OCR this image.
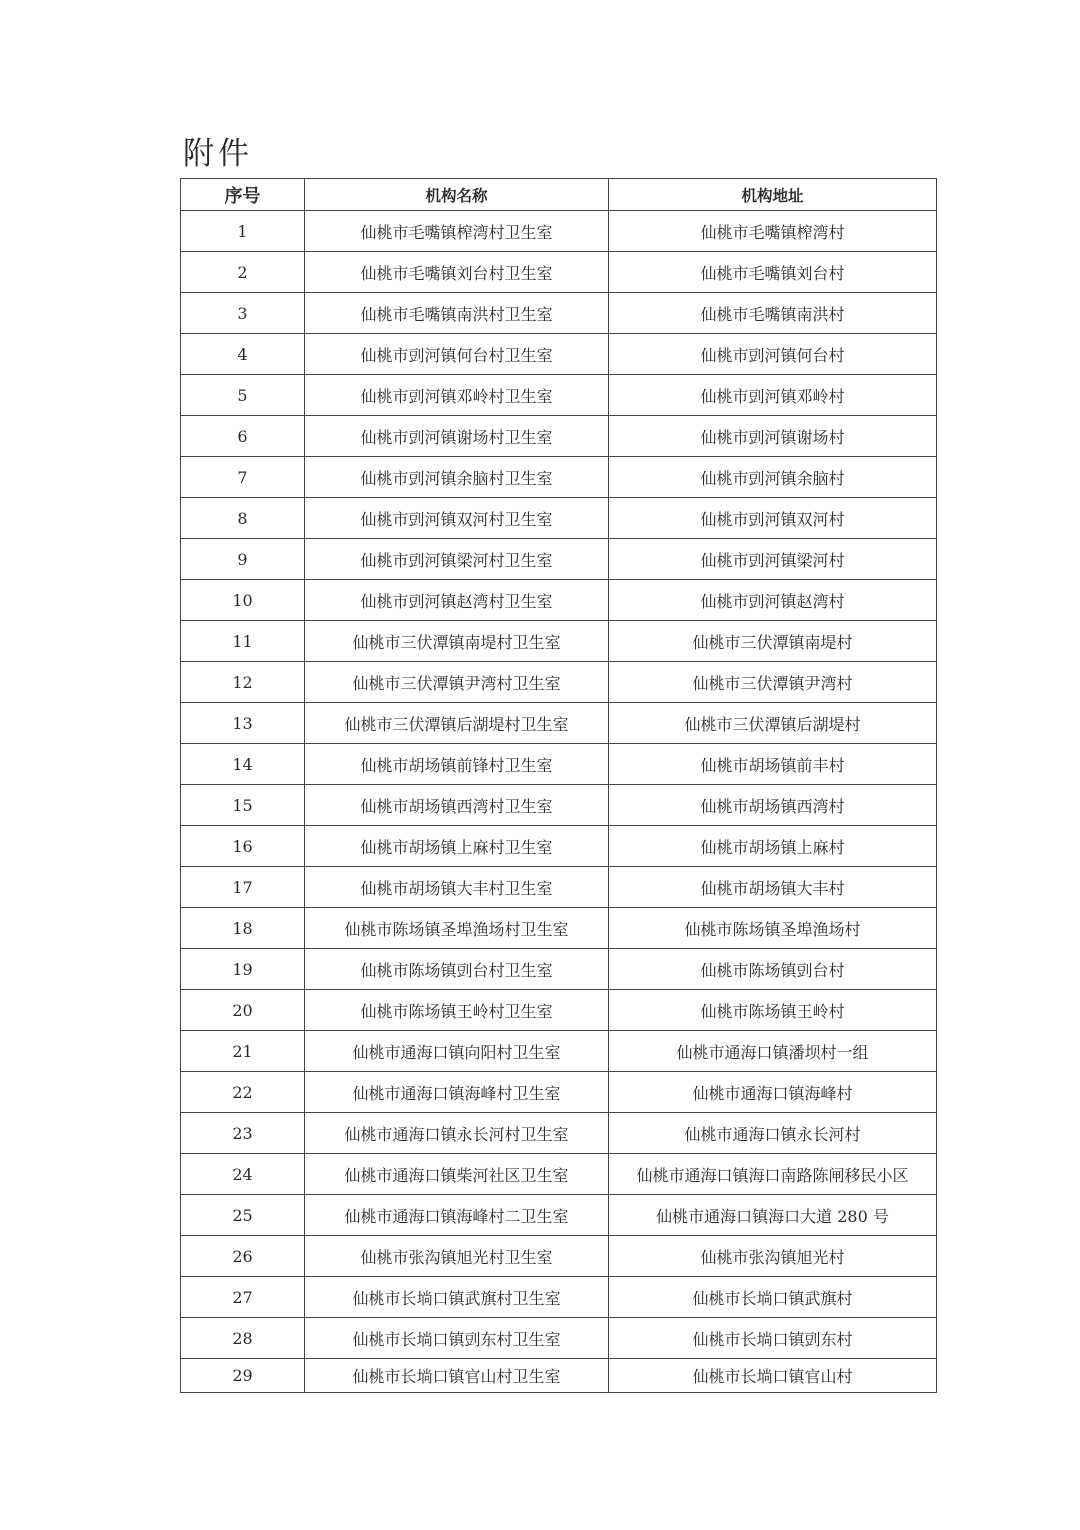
附件
序号	机构名称	机构地址
1	仙桃市毛嘴镇榨湾村卫生室	仙桃市毛嘴镇榨湾村
2	仙桃市毛嘴镇刘台村卫生室	仙桃市毛嘴镇刘台村
3	仙桃市毛嘴镇南洪村卫生室	仙桃市毛嘴镇南洪村
4	仙桃市剅河镇何台村卫生室	仙桃市剅河镇何台村
5	仙桃市剅河镇邓岭村卫生室	仙桃市剅河镇邓岭村
6	仙桃市剅河镇谢场村卫生室	仙桃市剅河镇谢场村
7	仙桃市剅河镇余脑村卫生室	仙桃市剅河镇余脑村
8	仙桃市剅河镇双河村卫生室	仙桃市剅河镇双河村
9	仙桃市剅河镇梁河村卫生室	仙桃市剅河镇梁河村
10	仙桃市剅河镇赵湾村卫生室	仙桃市剅河镇赵湾村
11	仙桃市三伏潭镇南堤村卫生室	仙桃市三伏潭镇南堤村
12	仙桃市三伏潭镇尹湾村卫生室	仙桃市三伏潭镇尹湾村
13	仙桃市三伏潭镇后湖堤村卫生室	仙桃市三伏潭镇后湖堤村
14	仙桃市胡场镇前锋村卫生室	仙桃市胡场镇前丰村
15	仙桃市胡场镇西湾村卫生室	仙桃市胡场镇西湾村
16	仙桃市胡场镇上麻村卫生室	仙桃市胡场镇上麻村
17	仙桃市胡场镇大丰村卫生室	仙桃市胡场镇大丰村
18	仙桃市陈场镇圣埠渔场村卫生室	仙桃市陈场镇圣埠渔场村
19	仙桃市陈场镇剅台村卫生室	仙桃市陈场镇剅台村
20	仙桃市陈场镇王岭村卫生室	仙桃市陈场镇王岭村
21	仙桃市通海口镇向阳村卫生室	仙桃市通海口镇潘坝村一组
22	仙桃市通海口镇海峰村卫生室	仙桃市通海口镇海峰村
23	仙桃市通海口镇永长河村卫生室	仙桃市通海口镇永长河村
24	仙桃市通海口镇柴河社区卫生室	仙桃市通海口镇海口南路陈闸移民小区
25	仙桃市通海口镇海峰村二卫生室	仙桃市通海口镇海口大道 280 号
26	仙桃市张沟镇旭光村卫生室	仙桃市张沟镇旭光村
27	仙桃市长埫口镇武旗村卫生室	仙桃市长埫口镇武旗村
28	仙桃市长埫口镇剅东村卫生室	仙桃市长埫口镇剅东村
29	仙桃市长埫口镇官山村卫生室	仙桃市长埫口镇官山村
